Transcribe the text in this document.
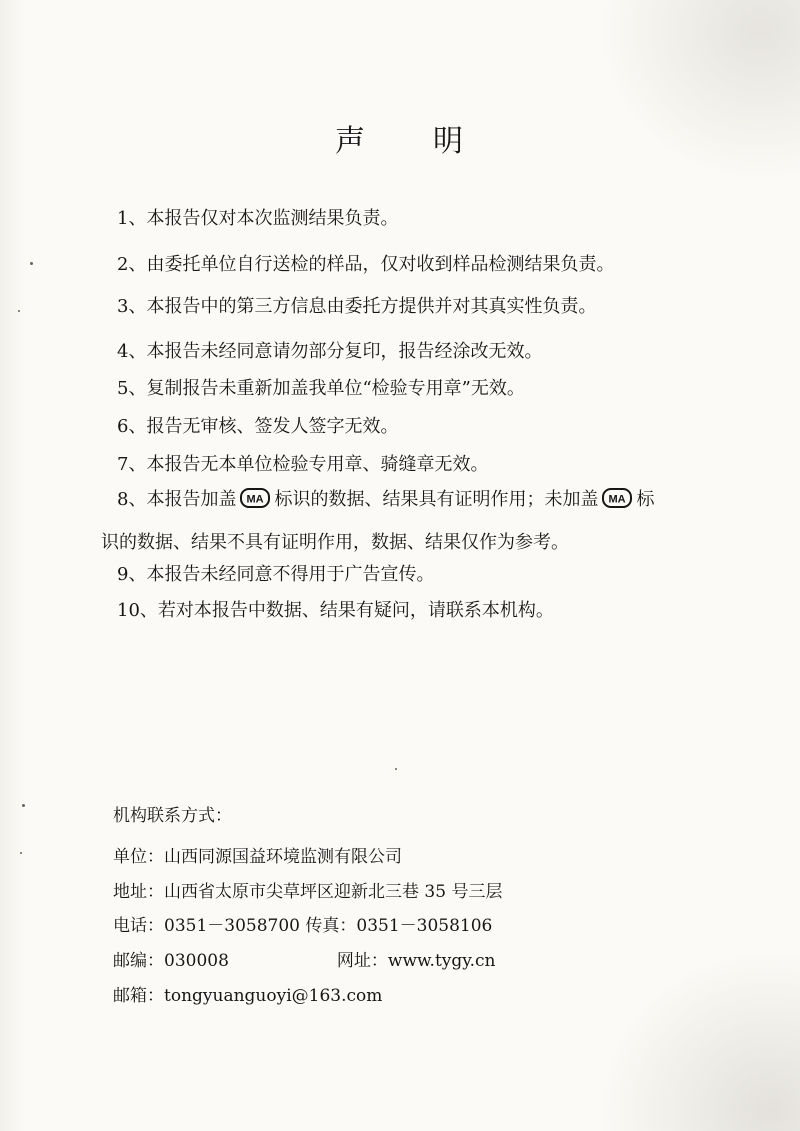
声 明
1、本报告仅对本次监测结果负责。
2、由委托单位自行送检的样品，仅对收到样品检测结果负责。
3、本报告中的第三方信息由委托方提供并对其真实性负责。
4、本报告未经同意请勿部分复印，报告经涂改无效。
5、复制报告未重新加盖我单位“检验专用章”无效。
6、报告无审核、签发人签字无效。
7、本报告无本单位检验专用章、骑缝章无效。
8、本报告加盖 MA 标识的数据、结果具有证明作用；未加盖 MA 标
识的数据、结果不具有证明作用，数据、结果仅作为参考。
9、本报告未经同意不得用于广告宣传。
10、若对本报告中数据、结果有疑问，请联系本机构。
机构联系方式：
单位：山西同源国益环境监测有限公司
地址：山西省太原市尖草坪区迎新北三巷 35 号三层
电话：0351－3058700 传真：0351－3058106
邮编：030008	网址：www.tygy.cn
邮箱：tongyuanguoyi@163.com
